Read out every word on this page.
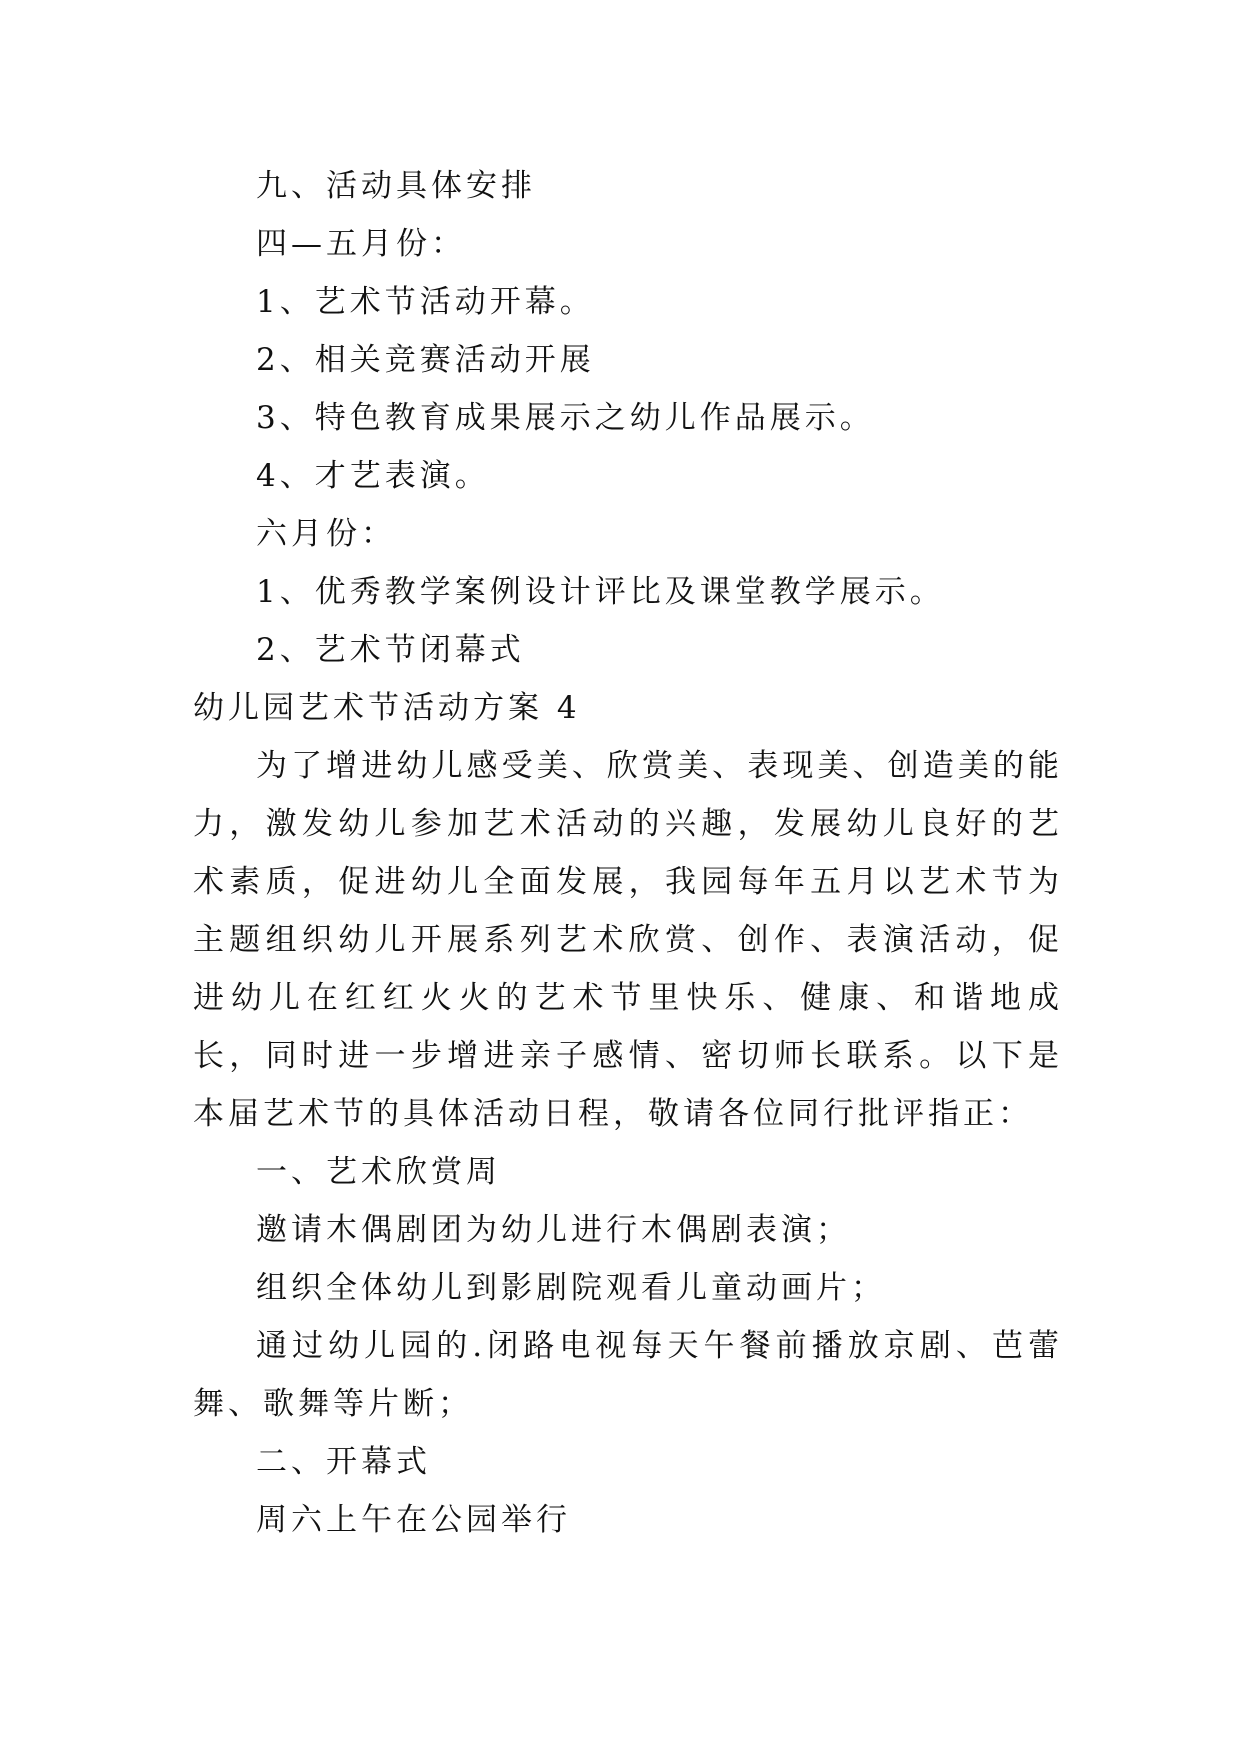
九、活动具体安排
四—五月份：
1、艺术节活动开幕。
2、相关竞赛活动开展
3、特色教育成果展示之幼儿作品展示。
4、才艺表演。
六月份：
1、优秀教学案例设计评比及课堂教学展示。
2、艺术节闭幕式
幼儿园艺术节活动方案 4
为了增进幼儿感受美、欣赏美、表现美、创造美的能力，激发幼儿参加艺术活动的兴趣，发展幼儿良好的艺术素质，促进幼儿全面发展，我园每年五月以艺术节为主题组织幼儿开展系列艺术欣赏、创作、表演活动，促进幼儿在红红火火的艺术节里快乐、健康、和谐地成长，同时进一步增进亲子感情、密切师长联系。以下是本届艺术节的具体活动日程，敬请各位同行批评指正：
一、艺术欣赏周
邀请木偶剧团为幼儿进行木偶剧表演；
组织全体幼儿到影剧院观看儿童动画片；
通过幼儿园的.闭路电视每天午餐前播放京剧、芭蕾舞、歌舞等片断；
二、开幕式
周六上午在公园举行
